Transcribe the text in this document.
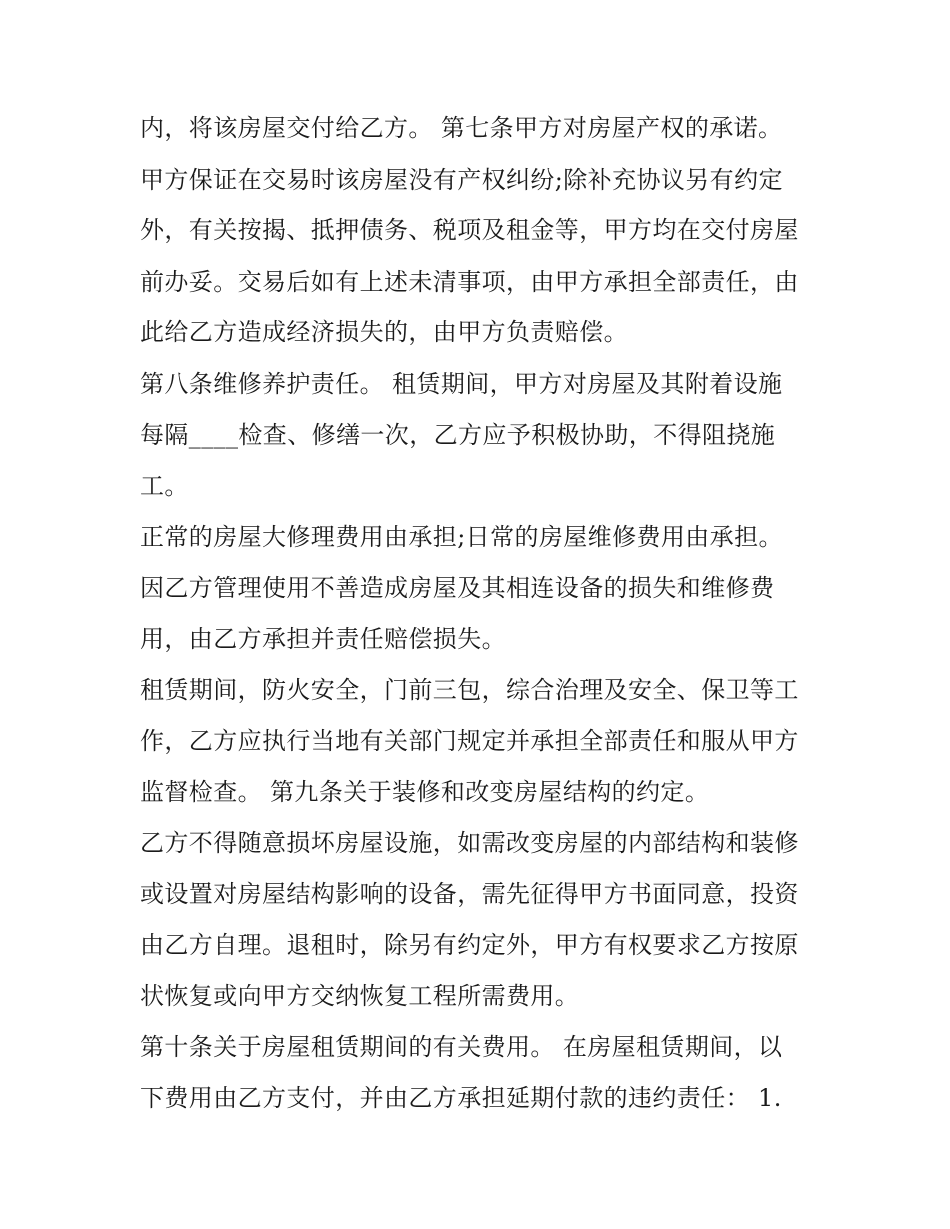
内，将该房屋交付给乙方。 第七条甲方对房屋产权的承诺。
甲方保证在交易时该房屋没有产权纠纷;除补充协议另有约定
外，有关按揭、抵押债务、税项及租金等，甲方均在交付房屋
前办妥。交易后如有上述未清事项，由甲方承担全部责任，由
此给乙方造成经济损失的，由甲方负责赔偿。
第八条维修养护责任。 租赁期间，甲方对房屋及其附着设施
每隔____检查、修缮一次，乙方应予积极协助，不得阻挠施
工。
正常的房屋大修理费用由承担;日常的房屋维修费用由承担。
因乙方管理使用不善造成房屋及其相连设备的损失和维修费
用，由乙方承担并责任赔偿损失。
租赁期间，防火安全，门前三包，综合治理及安全、保卫等工
作，乙方应执行当地有关部门规定并承担全部责任和服从甲方
监督检查。 第九条关于装修和改变房屋结构的约定。
乙方不得随意损坏房屋设施，如需改变房屋的内部结构和装修
或设置对房屋结构影响的设备，需先征得甲方书面同意，投资
由乙方自理。退租时，除另有约定外，甲方有权要求乙方按原
状恢复或向甲方交纳恢复工程所需费用。
第十条关于房屋租赁期间的有关费用。 在房屋租赁期间，以
下费用由乙方支付，并由乙方承担延期付款的违约责任： 1.
